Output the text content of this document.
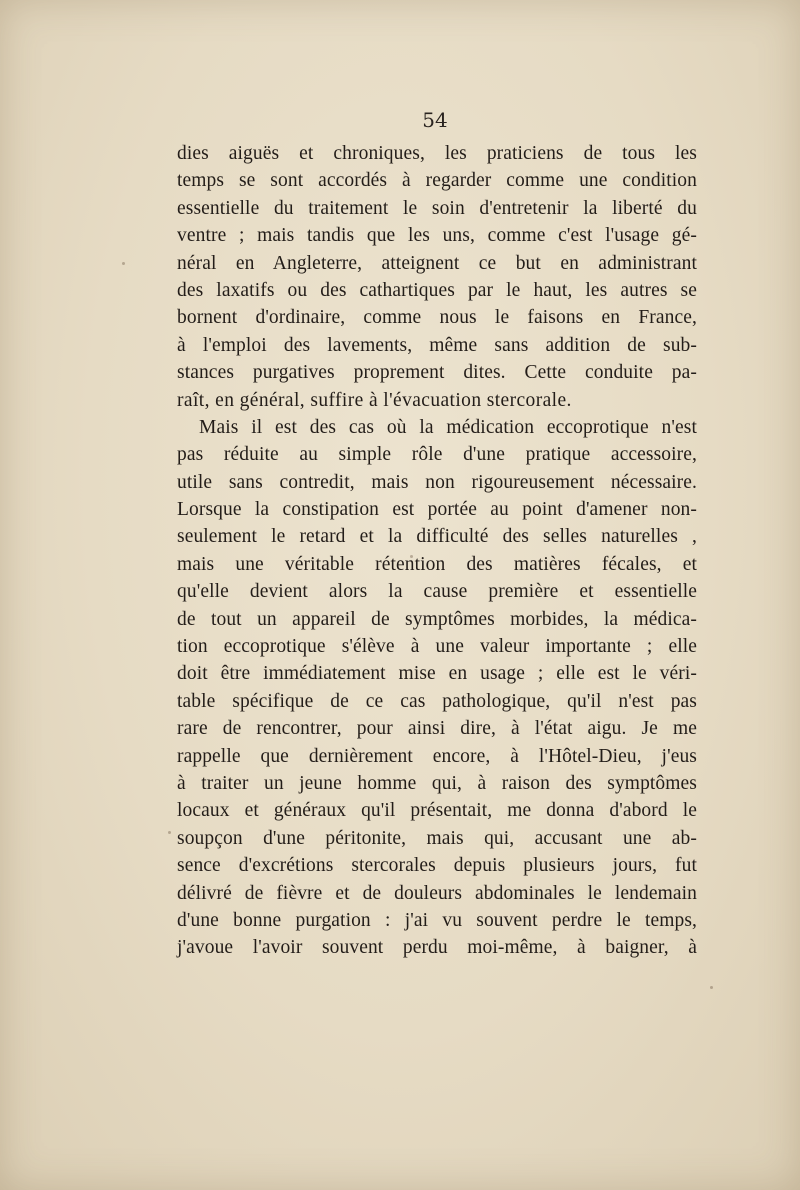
54
dies aiguës et chroniques, les praticiens de tous les
temps se sont accordés à regarder comme une condition
essentielle du traitement le soin d'entretenir la liberté du
ventre ; mais tandis que les uns, comme c'est l'usage gé-
néral en Angleterre, atteignent ce but en administrant
des laxatifs ou des cathartiques par le haut, les autres se
bornent d'ordinaire, comme nous le faisons en France,
à l'emploi des lavements, même sans addition de sub-
stances purgatives proprement dites. Cette conduite pa-
raît, en général, suffire à l'évacuation stercorale.
Mais il est des cas où la médication eccoprotique n'est
pas réduite au simple rôle d'une pratique accessoire,
utile sans contredit, mais non rigoureusement nécessaire.
Lorsque la constipation est portée au point d'amener non-
seulement le retard et la difficulté des selles naturelles ,
mais une véritable rétention des matières fécales, et
qu'elle devient alors la cause première et essentielle
de tout un appareil de symptômes morbides, la médica-
tion eccoprotique s'élève à une valeur importante ; elle
doit être immédiatement mise en usage ; elle est le véri-
table spécifique de ce cas pathologique, qu'il n'est pas
rare de rencontrer, pour ainsi dire, à l'état aigu. Je me
rappelle que dernièrement encore, à l'Hôtel-Dieu, j'eus
à traiter un jeune homme qui, à raison des symptômes
locaux et généraux qu'il présentait, me donna d'abord le
soupçon d'une péritonite, mais qui, accusant une ab-
sence d'excrétions stercorales depuis plusieurs jours, fut
délivré de fièvre et de douleurs abdominales le lendemain
d'une bonne purgation : j'ai vu souvent perdre le temps,
j'avoue l'avoir souvent perdu moi-même, à baigner, à
